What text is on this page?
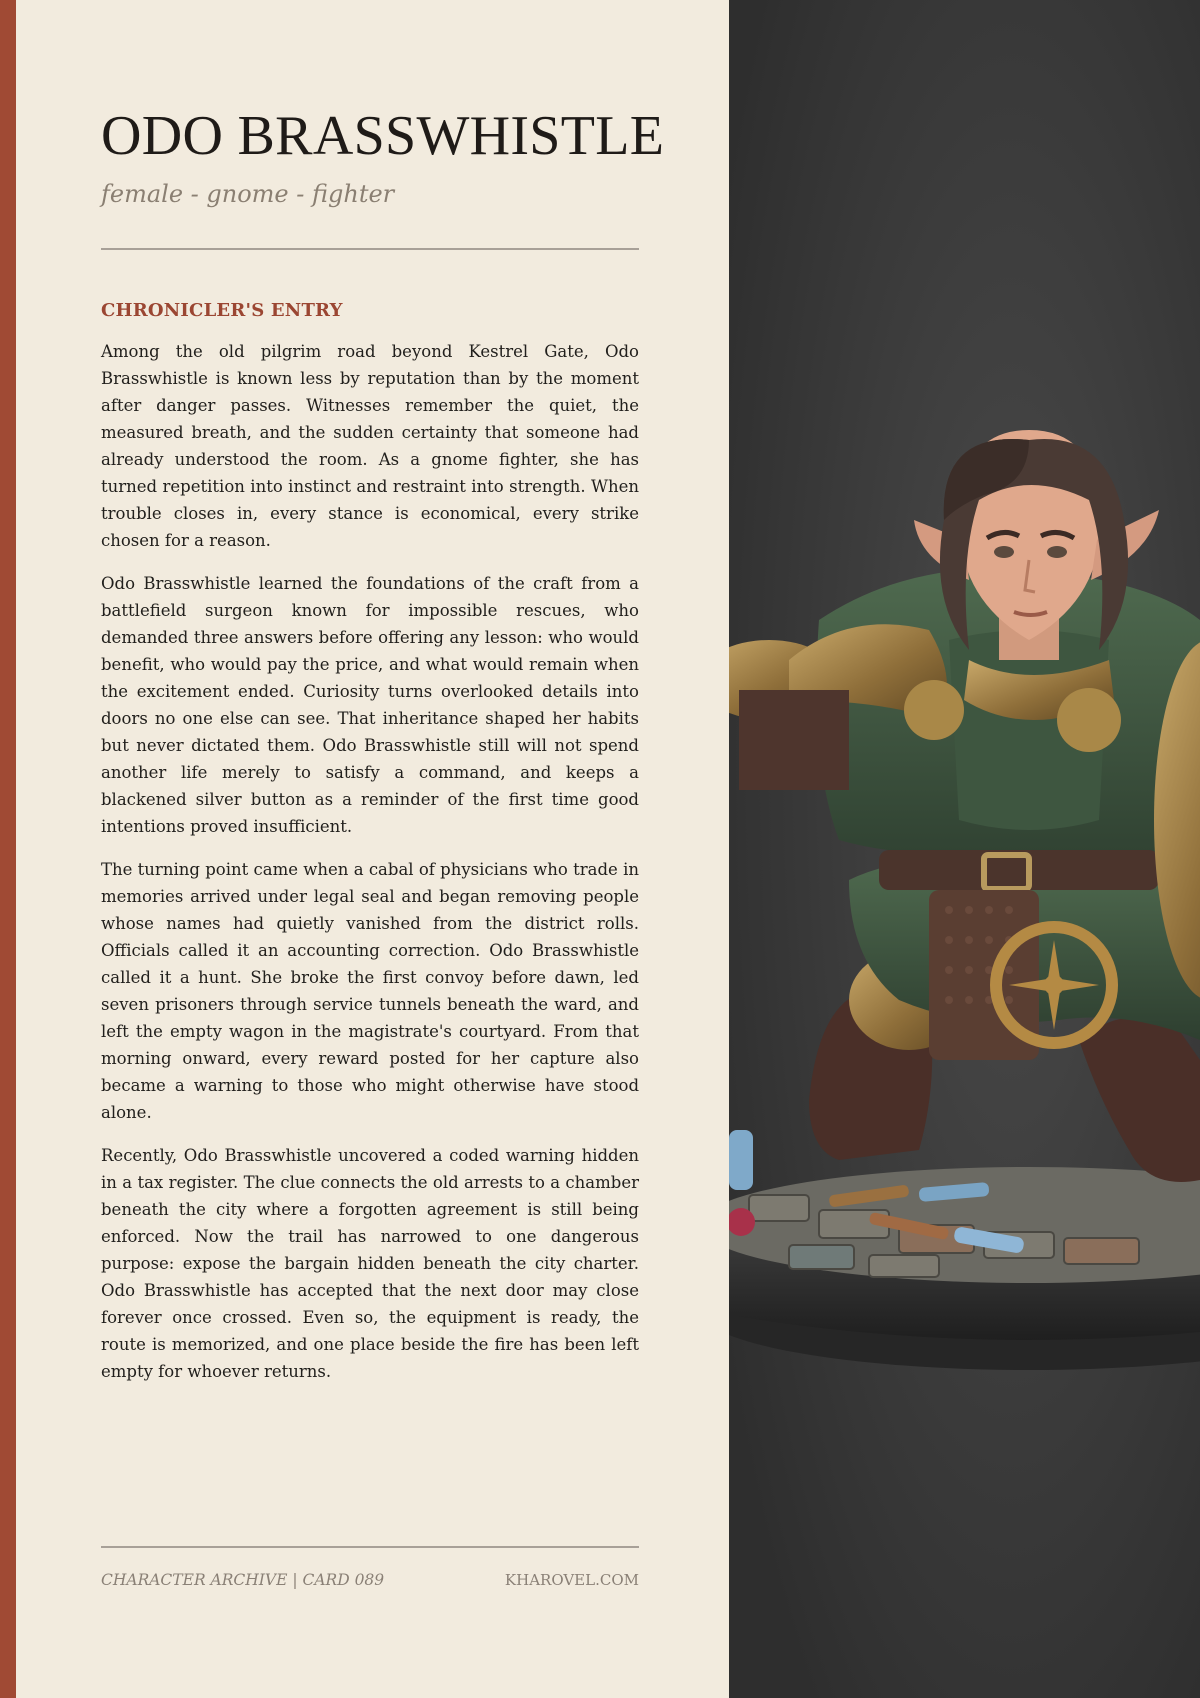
ODO BRASSWHISTLE

female - gnome - fighter

CHRONICLER'S ENTRY

Among the old pilgrim road beyond Kestrel Gate, Odo Brasswhistle is known less by reputation than by the moment after danger passes. Witnesses remember the quiet, the measured breath, and the sudden certainty that someone had already understood the room. As a gnome fighter, she has turned repetition into instinct and restraint into strength. When trouble closes in, every stance is economical, every strike chosen for a reason.

Odo Brasswhistle learned the foundations of the craft from a battlefield surgeon known for impossible rescues, who demanded three answers before offering any lesson: who would benefit, who would pay the price, and what would remain when the excitement ended. Curiosity turns overlooked details into doors no one else can see. That inheritance shaped her habits but never dictated them. Odo Brasswhistle still will not spend another life merely to satisfy a command, and keeps a blackened silver button as a reminder of the first time good intentions proved insufficient.

The turning point came when a cabal of physicians who trade in memories arrived under legal seal and began removing people whose names had quietly vanished from the district rolls. Officials called it an accounting correction. Odo Brasswhistle called it a hunt. She broke the first convoy before dawn, led seven prisoners through service tunnels beneath the ward, and left the empty wagon in the magistrate's courtyard. From that morning onward, every reward posted for her capture also became a warning to those who might otherwise have stood alone.

Recently, Odo Brasswhistle uncovered a coded warning hidden in a tax register. The clue connects the old arrests to a chamber beneath the city where a forgotten agreement is still being enforced. Now the trail has narrowed to one dangerous purpose: expose the bargain hidden beneath the city charter. Odo Brasswhistle has accepted that the next door may close forever once crossed. Even so, the equipment is ready, the route is memorized, and one place beside the fire has been left empty for whoever returns.

CHARACTER ARCHIVE | CARD 089	KHAROVEL.COM
